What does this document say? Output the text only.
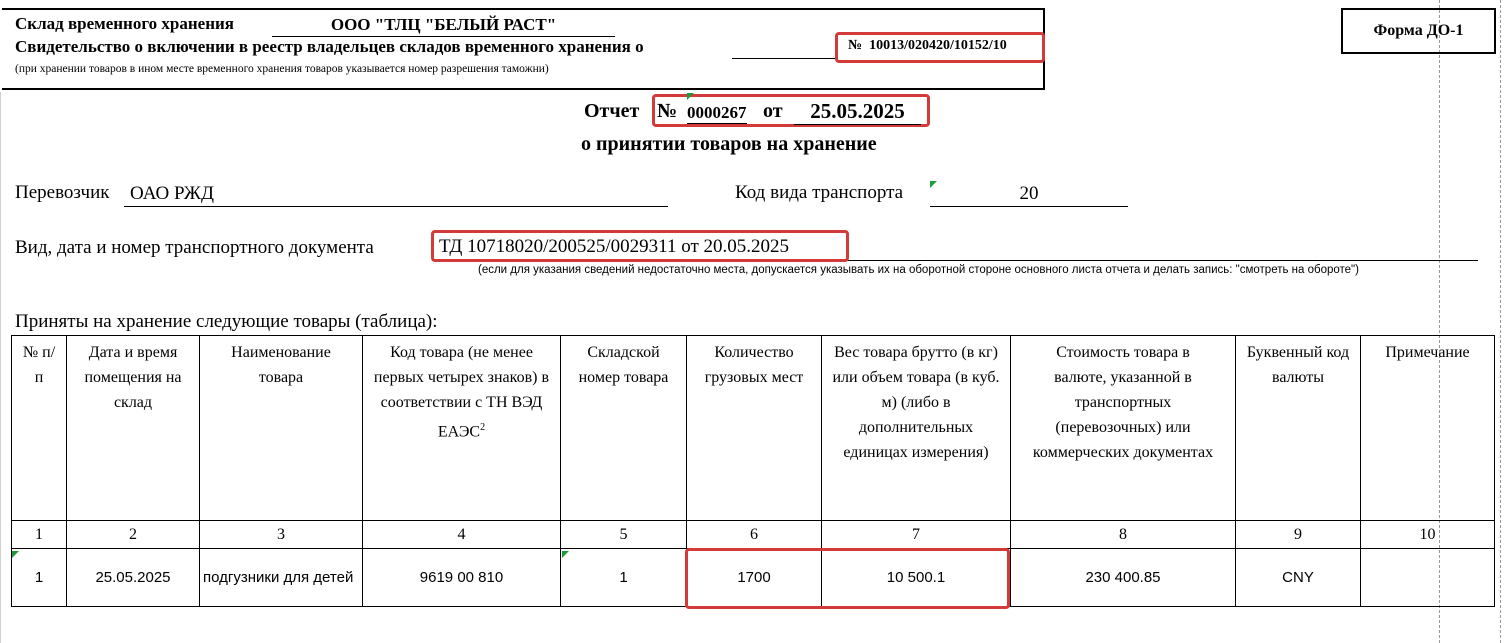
Склад временного хранения	ООО "ТЛЦ "БЕЛЫЙ РАСТ"
Свидетельство о включении в реестр владельцев складов временного хранения о	№  10013/020420/10152/10
(при хранении товаров в ином месте временного хранения товаров указывается номер разрешения таможни)
Форма ДО-1
Отчет № 0000267 от	25.05.2025
о принятии товаров на хранение
Перевозчик	ОАО РЖД	Код вида транспорта	20
Вид, дата и номер транспортного документа	ТД 10718020/200525/0029311 от 20.05.2025
(если для указания сведений недостаточно места, допускается указывать их на оборотной стороне основного листа отчета и делать запись: "смотреть на обороте")
Приняты на хранение следующие товары (таблица):
№ п/п	Дата и время помещения на склад	Наименование товара	Код товара (не менее первых четырех знаков) в соответствии с ТН ВЭД ЕАЭС$^2$	Складской номер товара	Количество грузовых мест	Вес товара брутто (в кг) или объем товара (в куб. м) (либо в дополнительных единицах измерения)	Стоимость товара в валюте, указанной в транспортных (перевозочных) или коммерческих документах	Буквенный код валюты	Примечание
1	2	3	4	5	6	7	8	9	10
1	25.05.2025	подгузники для детей	9619 00 810	1	1700	10 500.1	230 400.85	CNY	
